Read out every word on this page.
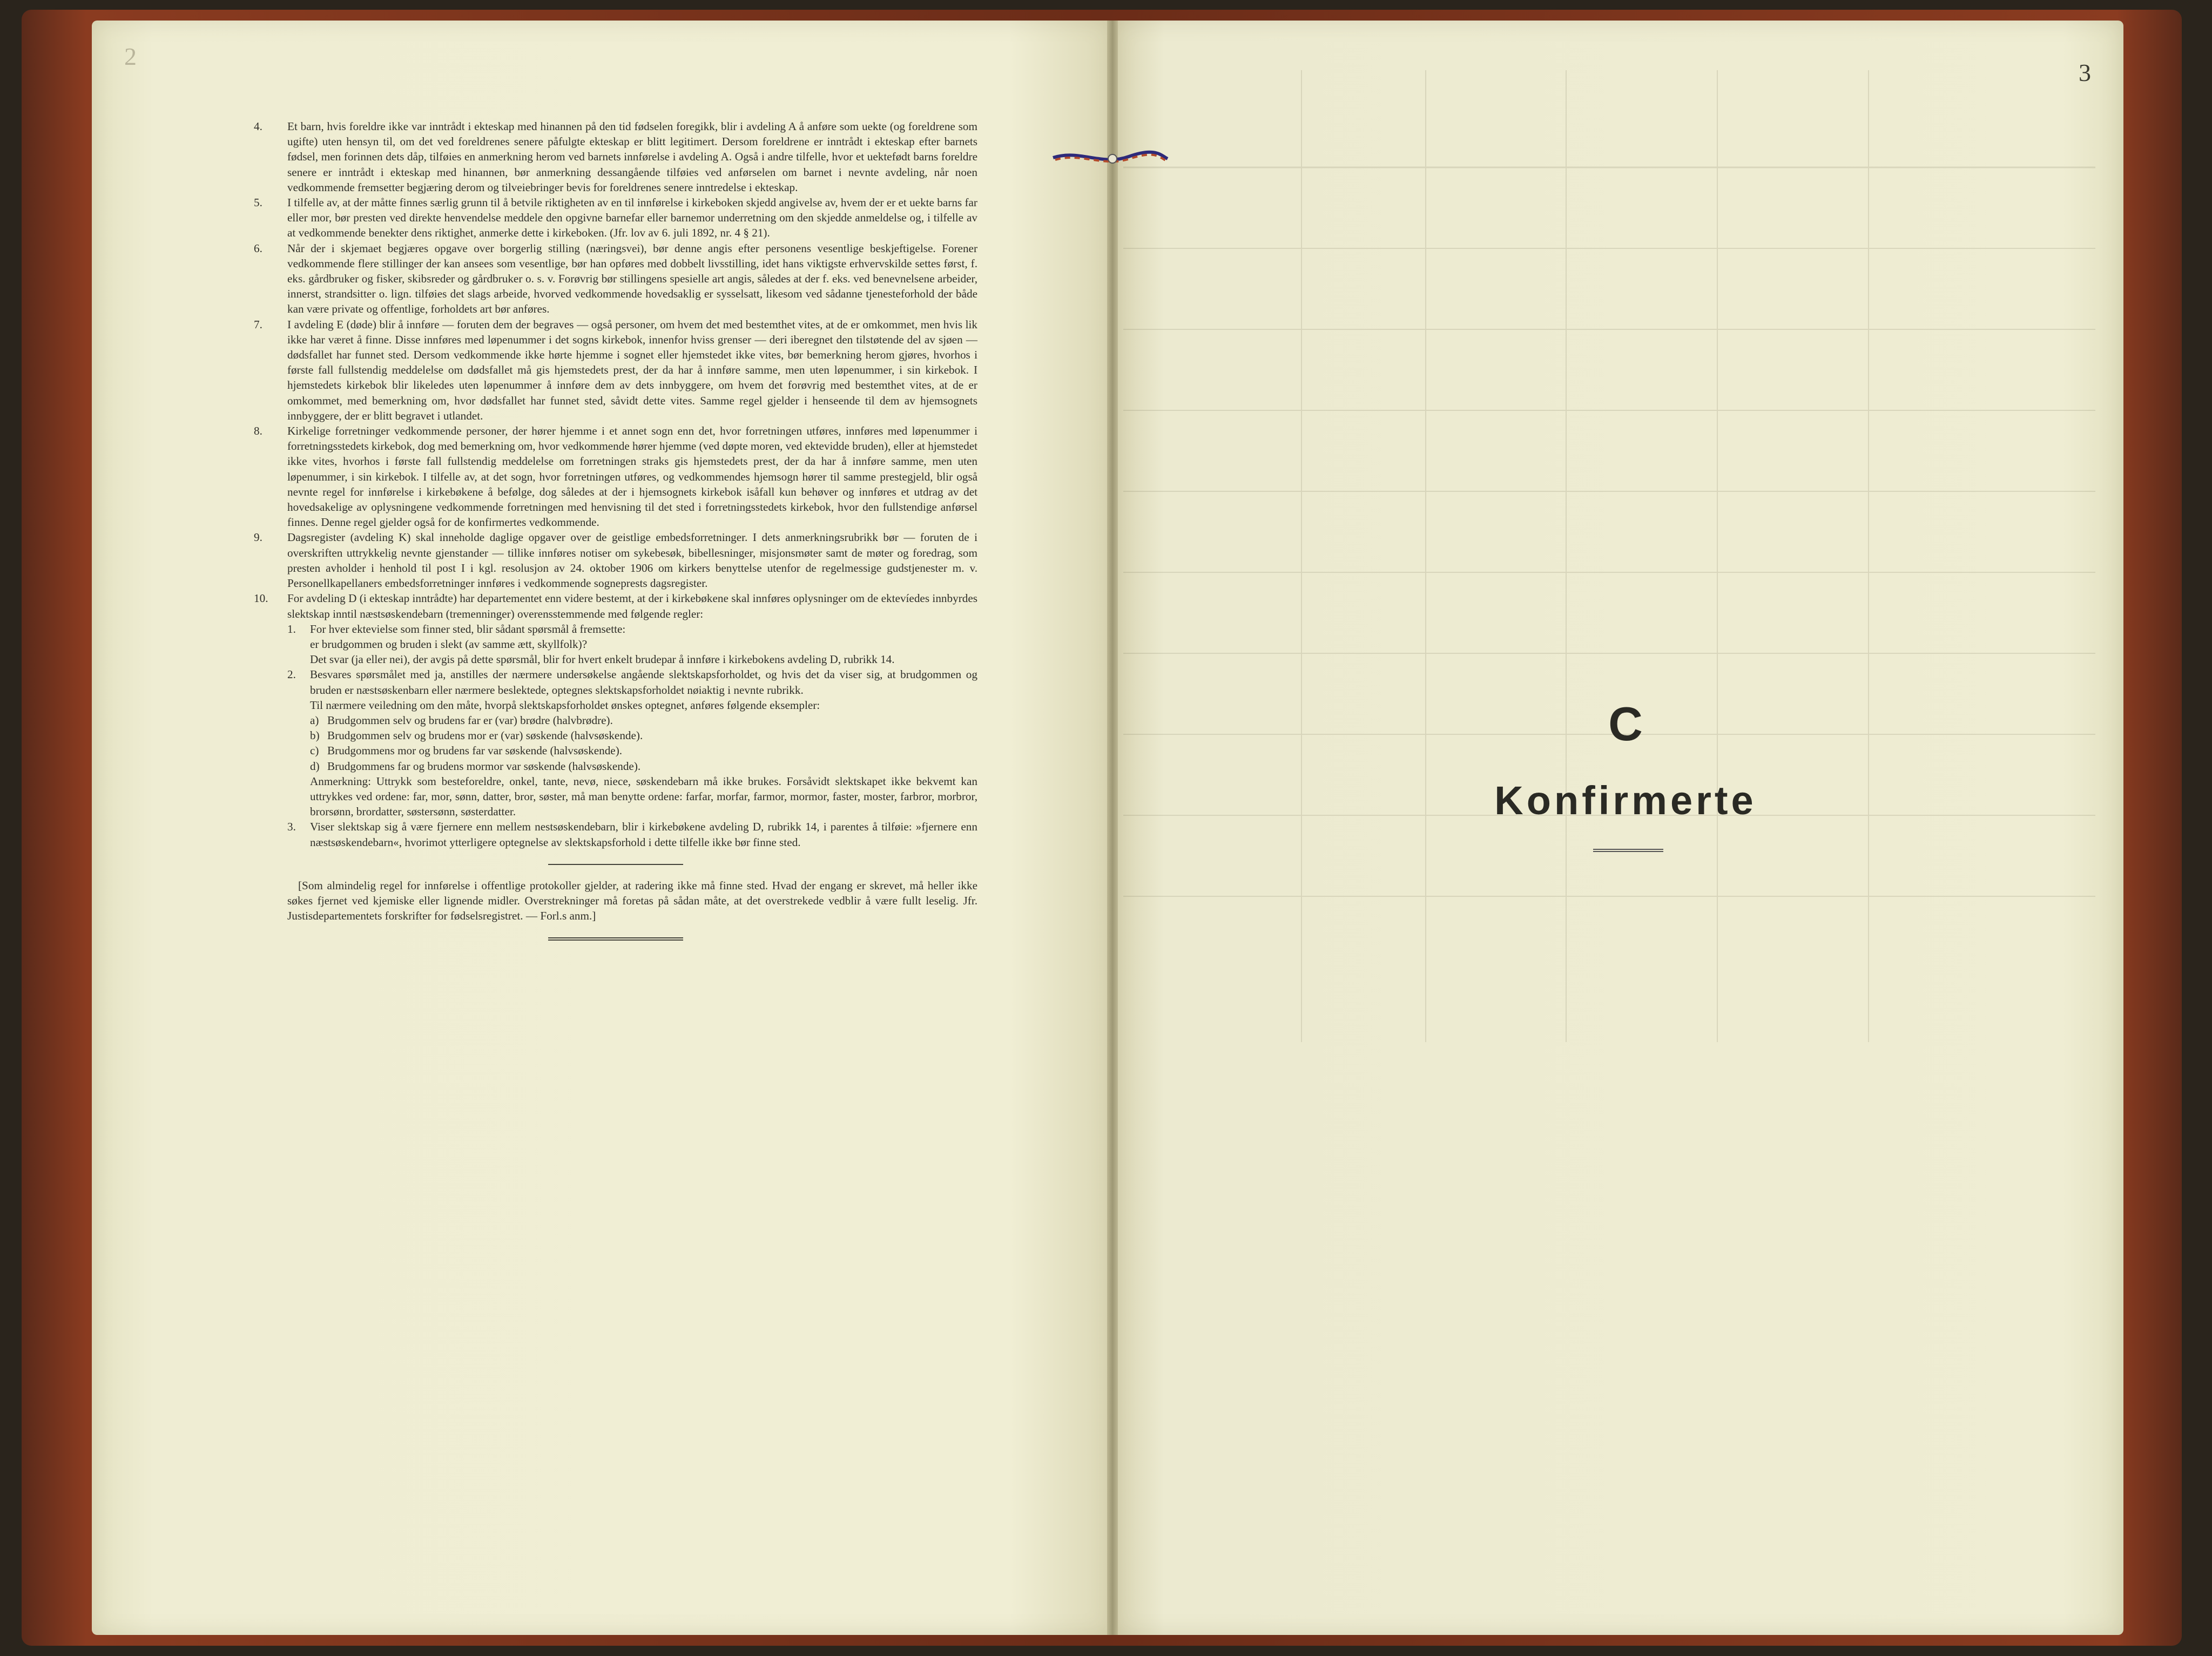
2
3
4.	Et barn, hvis foreldre ikke var inntrådt i ekteskap med hinannen på den tid fødselen foregikk, blir i avdeling A å anføre som uekte (og foreldrene som ugifte) uten hensyn til, om det ved foreldrenes senere påfulgte ekteskap er blitt legitimert. Dersom foreldrene er inntrådt i ekteskap efter barnets fødsel, men forinnen dets dåp, tilføies en anmerkning herom ved barnets innførelse i avdeling A. Også i andre tilfelle, hvor et uektefødt barns foreldre senere er inntrådt i ekteskap med hinannen, bør anmerkning dessangående tilføies ved anførselen om barnet i nevnte avdeling, når noen vedkommende fremsetter begjæring derom og tilveiebringer bevis for foreldrenes senere inntredelse i ekteskap.
5.	I tilfelle av, at der måtte finnes særlig grunn til å betvile riktigheten av en til innførelse i kirkeboken skjedd angivelse av, hvem der er et uekte barns far eller mor, bør presten ved direkte henvendelse meddele den opgivne barnefar eller barnemor underretning om den skjedde anmeldelse og, i tilfelle av at vedkommende benekter dens riktighet, anmerke dette i kirkeboken. (Jfr. lov av 6. juli 1892, nr. 4 § 21).
6.	Når der i skjemaet begjæres opgave over borgerlig stilling (næringsvei), bør denne angis efter personens vesentlige beskjeftigelse. Forener vedkommende flere stillinger der kan ansees som vesentlige, bør han opføres med dobbelt livsstilling, idet hans viktigste erhvervskilde settes først, f. eks. gårdbruker og fisker, skibsreder og gårdbruker o. s. v. Forøvrig bør stillingens spesielle art angis, således at der f. eks. ved benevnelsene arbeider, innerst, strandsitter o. lign. tilføies det slags arbeide, hvorved vedkommende hovedsaklig er sysselsatt, likesom ved sådanne tjenesteforhold der både kan være private og offentlige, forholdets art bør anføres.
7.	I avdeling E (døde) blir å innføre — foruten dem der begraves — også personer, om hvem det med bestemthet vites, at de er omkommet, men hvis lik ikke har været å finne. Disse innføres med løpenummer i det sogns kirkebok, innenfor hviss grenser — deri iberegnet den tilstøtende del av sjøen — dødsfallet har funnet sted. Dersom vedkommende ikke hørte hjemme i sognet eller hjemstedet ikke vites, bør bemerkning herom gjøres, hvorhos i første fall fullstendig meddelelse om dødsfallet må gis hjemstedets prest, der da har å innføre samme, men uten løpenummer, i sin kirkebok. I hjemstedets kirkebok blir likeledes uten løpenummer å innføre dem av dets innbyggere, om hvem det forøvrig med bestemthet vites, at de er omkommet, med bemerkning om, hvor dødsfallet har funnet sted, såvidt dette vites. Samme regel gjelder i henseende til dem av hjemsognets innbyggere, der er blitt begravet i utlandet.
8.	Kirkelige forretninger vedkommende personer, der hører hjemme i et annet sogn enn det, hvor forretningen utføres, innføres med løpenummer i forretningsstedets kirkebok, dog med bemerkning om, hvor vedkommende hører hjemme (ved døpte moren, ved ektevidde bruden), eller at hjemstedet ikke vites, hvorhos i første fall fullstendig meddelelse om forretningen straks gis hjemstedets prest, der da har å innføre samme, men uten løpenummer, i sin kirkebok. I tilfelle av, at det sogn, hvor forretningen utføres, og vedkommendes hjemsogn hører til samme prestegjeld, blir også nevnte regel for innførelse i kirkebøkene å befølge, dog således at der i hjemsognets kirkebok isåfall kun behøver og innføres et utdrag av det hovedsakelige av oplysningene vedkommende forretningen med henvisning til det sted i forretningsstedets kirkebok, hvor den fullstendige anførsel finnes. Denne regel gjelder også for de konfirmertes vedkommende.
9.	Dagsregister (avdeling K) skal inneholde daglige opgaver over de geistlige embedsforretninger. I dets anmerkningsrubrikk bør — foruten de i overskriften uttrykkelig nevnte gjenstander — tillike innføres notiser om sykebesøk, bibellesninger, misjonsmøter samt de møter og foredrag, som presten avholder i henhold til post I i kgl. resolusjon av 24. oktober 1906 om kirkers benyttelse utenfor de regelmessige gudstjenester m. v. Personellkapellaners embedsforretninger innføres i vedkommende sogneprests dagsregister.
10.	For avdeling D (i ekteskap inntrådte) har departementet enn videre bestemt, at der i kirkebøkene skal innføres oplysninger om de ektevíedes innbyrdes slektskap inntil næstsøskendebarn (tremenninger) overensstemmende med følgende regler:
1.	For hver ektevielse som finner sted, blir sådant spørsmål å fremsette:
er brudgommen og bruden i slekt (av samme ætt, skyllfolk)?
Det svar (ja eller nei), der avgis på dette spørsmål, blir for hvert enkelt brudepar å innføre i kirkebokens avdeling D, rubrikk 14.
2.	Besvares spørsmålet med ja, anstilles der nærmere undersøkelse angående slektskapsforholdet, og hvis det da viser sig, at brudgommen og bruden er næstsøskenbarn eller nærmere beslektede, optegnes slektskapsforholdet nøiaktig i nevnte rubrikk.
Til nærmere veiledning om den måte, hvorpå slektskapsforholdet ønskes optegnet, anføres følgende eksempler:
a) Brudgommen selv og brudens far er (var) brødre (halvbrødre).
b) Brudgommen selv og brudens mor er (var) søskende (halvsøskende).
c) Brudgommens mor og brudens far var søskende (halvsøskende).
d) Brudgommens far og brudens mormor var søskende (halvsøskende).
Anmerkning: Uttrykk som besteforeldre, onkel, tante, nevø, niece, søskendebarn må ikke brukes. Forsåvidt slektskapet ikke bekvemt kan uttrykkes ved ordene: far, mor, sønn, datter, bror, søster, må man benytte ordene: farfar, morfar, farmor, mormor, faster, moster, farbror, morbror, brorsønn, brordatter, søstersønn, søsterdatter.
3.	Viser slektskap sig å være fjernere enn mellem nestsøskendebarn, blir i kirkebøkene avdeling D, rubrikk 14, i parentes å tilføie: »fjernere enn næstsøskendebarn«, hvorimot ytterligere optegnelse av slektskapsforhold i dette tilfelle ikke bør finne sted.
[Som almindelig regel for innførelse i offentlige protokoller gjelder, at radering ikke må finne sted. Hvad der engang er skrevet, må heller ikke søkes fjernet ved kjemiske eller lignende midler. Overstrekninger må foretas på sådan måte, at det overstrekede vedblir å være fullt leselig. Jfr. Justisdepartementets forskrifter for fødselsregistret. — Forl.s anm.]
C
Konfirmerte
